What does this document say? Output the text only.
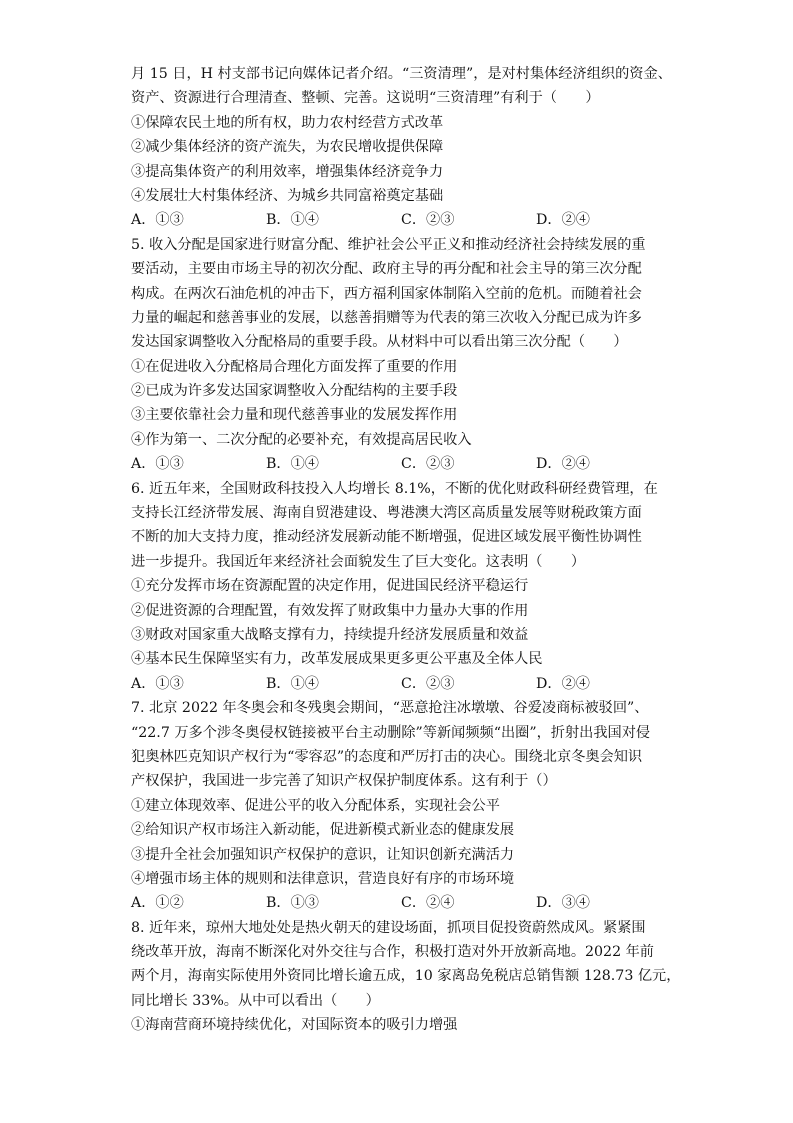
月 15 日，H 村支部书记向媒体记者介绍。“三资清理”，是对村集体经济组织的资金、
资产、资源进行合理清查、整顿、完善。这说明“三资清理”有利于（　　）
①保障农民土地的所有权，助力农村经营方式改革
②减少集体经济的资产流失，为农民增收提供保障
③提高集体资产的利用效率，增强集体经济竞争力
④发展壮大村集体经济、为城乡共同富裕奠定基础
A．①③	B．①④	C．②③	D．②④
5. 收入分配是国家进行财富分配、维护社会公平正义和推动经济社会持续发展的重
要活动，主要由市场主导的初次分配、政府主导的再分配和社会主导的第三次分配
构成。在两次石油危机的冲击下，西方福利国家体制陷入空前的危机。而随着社会
力量的崛起和慈善事业的发展，以慈善捐赠等为代表的第三次收入分配已成为许多
发达国家调整收入分配格局的重要手段。从材料中可以看出第三次分配（　　）
①在促进收入分配格局合理化方面发挥了重要的作用
②已成为许多发达国家调整收入分配结构的主要手段
③主要依靠社会力量和现代慈善事业的发展发挥作用
④作为第一、二次分配的必要补充，有效提高居民收入
A．①③	B．①④	C．②③	D．②④
6. 近五年来，全国财政科技投入人均增长 8.1%，不断的优化财政科研经费管理，在
支持长江经济带发展、海南自贸港建设、粤港澳大湾区高质量发展等财税政策方面
不断的加大支持力度，推动经济发展新动能不断增强，促进区域发展平衡性协调性
进一步提升。我国近年来经济社会面貌发生了巨大变化。这表明（　　）
①充分发挥市场在资源配置的决定作用，促进国民经济平稳运行
②促进资源的合理配置，有效发挥了财政集中力量办大事的作用
③财政对国家重大战略支撑有力，持续提升经济发展质量和效益
④基本民生保障坚实有力，改革发展成果更多更公平惠及全体人民
A．①③	B．①④	C．②③	D．②④
7. 北京 2022 年冬奥会和冬残奥会期间，“恶意抢注冰墩墩、谷爱凌商标被驳回”、
“22.7 万多个涉冬奥侵权链接被平台主动删除”等新闻频频“出圈”，折射出我国对侵
犯奥林匹克知识产权行为“零容忍”的态度和严厉打击的决心。围绕北京冬奥会知识
产权保护，我国进一步完善了知识产权保护制度体系。这有利于（）
①建立体现效率、促进公平的收入分配体系，实现社会公平
②给知识产权市场注入新动能，促进新模式新业态的健康发展
③提升全社会加强知识产权保护的意识，让知识创新充满活力
④增强市场主体的规则和法律意识，营造良好有序的市场环境
A．①②	B．①③	C．②④	D．③④
8. 近年来，琼州大地处处是热火朝天的建设场面，抓项目促投资蔚然成风。紧紧围
绕改革开放，海南不断深化对外交往与合作，积极打造对外开放新高地。2022 年前
两个月，海南实际使用外资同比增长逾五成，10 家离岛免税店总销售额 128.73 亿元，
同比增长 33%。从中可以看出（　　）
①海南营商环境持续优化，对国际资本的吸引力增强
